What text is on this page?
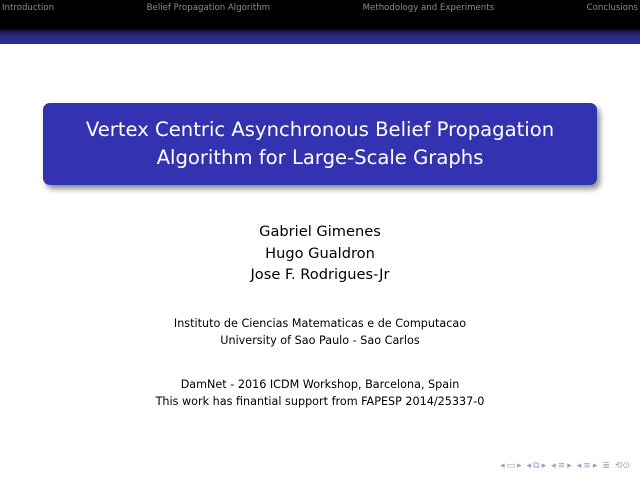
Introduction	Belief Propagation Algorithm	Methodology and Experiments	Conclusions
Vertex Centric Asynchronous Belief Propagation
Algorithm for Large-Scale Graphs
Gabriel Gimenes
Hugo Gualdron
Jose F. Rodrigues-Jr
Instituto de Ciencias Matematicas e de Computacao
University of Sao Paulo - Sao Carlos
DamNet - 2016 ICDM Workshop, Barcelona, Spain
This work has finantial support from FAPESP 2014/25337-0
◂ ▭ ▸ ◂ ⧉ ▸ ◂ ≡ ▸ ◂ ≡ ▸ ≣ ⟲⊙
